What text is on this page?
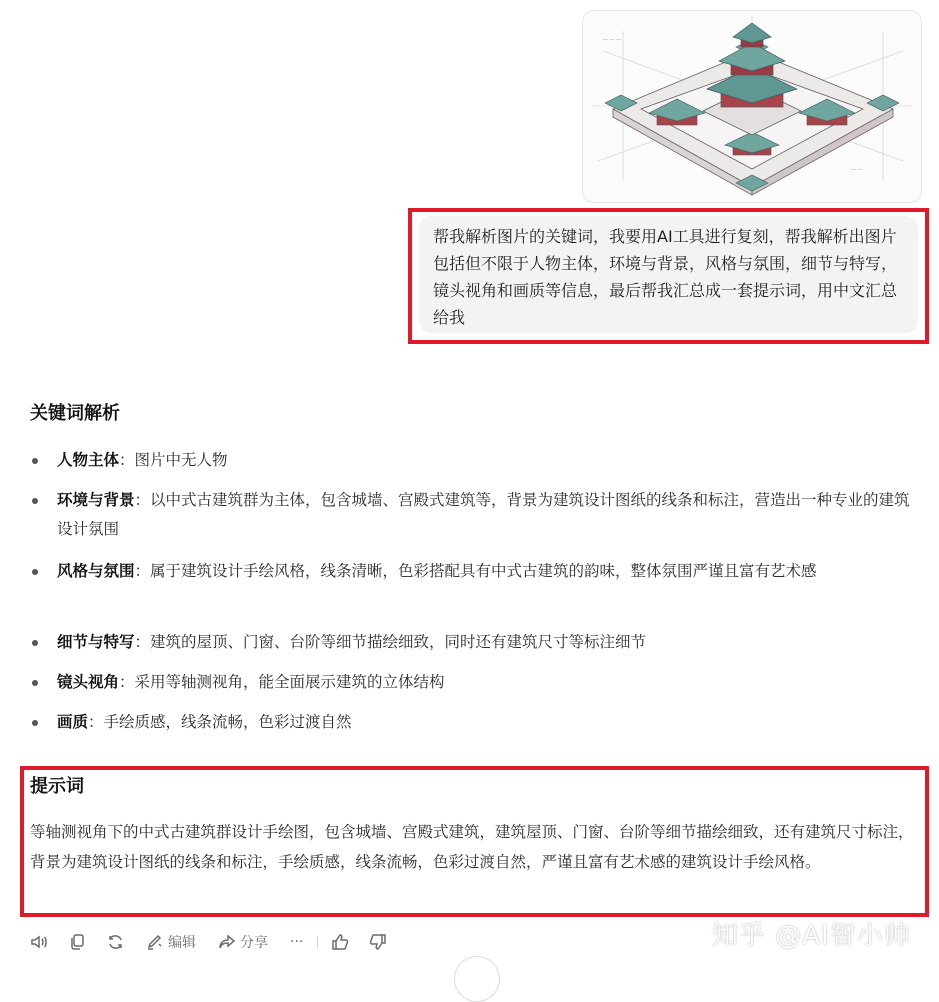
— — —
— —
帮我解析图片的关键词，我要用AI工具进行复刻，帮我解析出图片包括但不限于人物主体，环境与背景，风格与氛围，细节与特写，镜头视角和画质等信息，最后帮我汇总成一套提示词，用中文汇总给我
关键词解析
人物主体：图片中无人物
环境与背景：以中式古建筑群为主体，包含城墙、宫殿式建筑等，背景为建筑设计图纸的线条和标注，营造出一种专业的建筑设计氛围
风格与氛围：属于建筑设计手绘风格，线条清晰，色彩搭配具有中式古建筑的韵味，整体氛围严谨且富有艺术感
细节与特写：建筑的屋顶、门窗、台阶等细节描绘细致，同时还有建筑尺寸等标注细节
镜头视角：采用等轴测视角，能全面展示建筑的立体结构
画质：手绘质感，线条流畅，色彩过渡自然
提示词

等轴测视角下的中式古建筑群设计手绘图，包含城墙、宫殿式建筑，建筑屋顶、门窗、台阶等细节描绘细致，还有建筑尺寸标注，背景为建筑设计图纸的线条和标注，手绘质感，线条流畅，色彩过渡自然，严谨且富有艺术感的建筑设计手绘风格。

编辑	分享 ···	知乎 @AI智小帅
